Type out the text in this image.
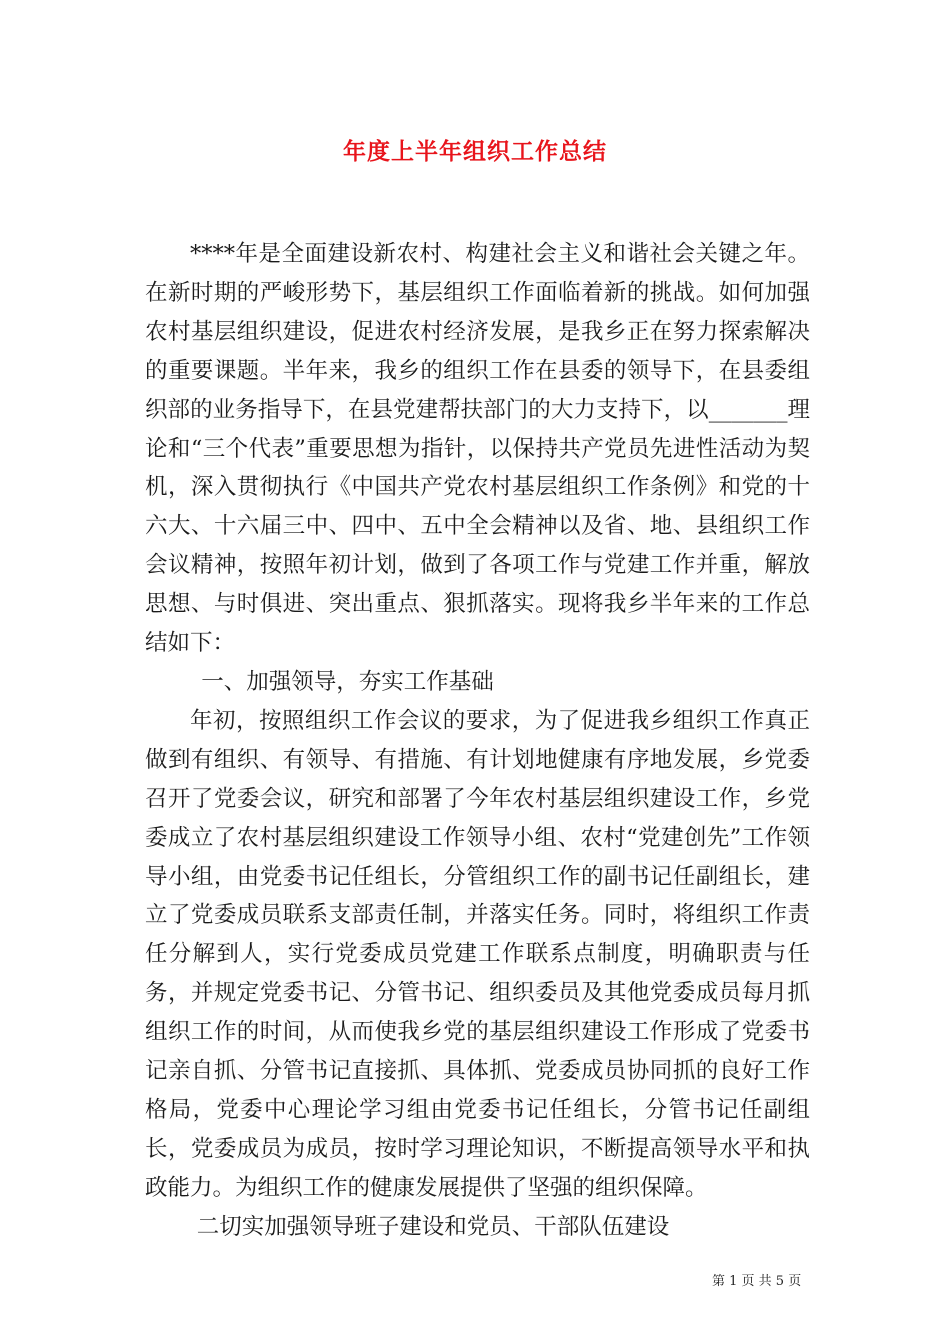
年度上半年组织工作总结

****年是全面建设新农村、构建社会主义和谐社会关键之年。在新时期的严峻形势下，基层组织工作面临着新的挑战。如何加强农村基层组织建设，促进农村经济发展，是我乡正在努力探索解决的重要课题。半年来，我乡的组织工作在县委的领导下，在县委组织部的业务指导下，在县党建帮扶部门的大力支持下，以_______理论和“三个代表”重要思想为指针，以保持共产党员先进性活动为契机，深入贯彻执行《中国共产党农村基层组织工作条例》和党的十六大、十六届三中、四中、五中全会精神以及省、地、县组织工作会议精神，按照年初计划，做到了各项工作与党建工作并重，解放思想、与时俱进、突出重点、狠抓落实。现将我乡半年来的工作总结如下：

一、加强领导，夯实工作基础

年初，按照组织工作会议的要求，为了促进我乡组织工作真正做到有组织、有领导、有措施、有计划地健康有序地发展，乡党委召开了党委会议，研究和部署了今年农村基层组织建设工作，乡党委成立了农村基层组织建设工作领导小组、农村“党建创先”工作领导小组，由党委书记任组长，分管组织工作的副书记任副组长，建立了党委成员联系支部责任制，并落实任务。同时，将组织工作责任分解到人，实行党委成员党建工作联系点制度，明确职责与任务，并规定党委书记、分管书记、组织委员及其他党委成员每月抓组织工作的时间，从而使我乡党的基层组织建设工作形成了党委书记亲自抓、分管书记直接抓、具体抓、党委成员协同抓的良好工作格局，党委中心理论学习组由党委书记任组长，分管书记任副组长，党委成员为成员，按时学习理论知识，不断提高领导水平和执政能力。为组织工作的健康发展提供了坚强的组织保障。

二切实加强领导班子建设和党员、干部队伍建设

第 1 页 共 5 页
